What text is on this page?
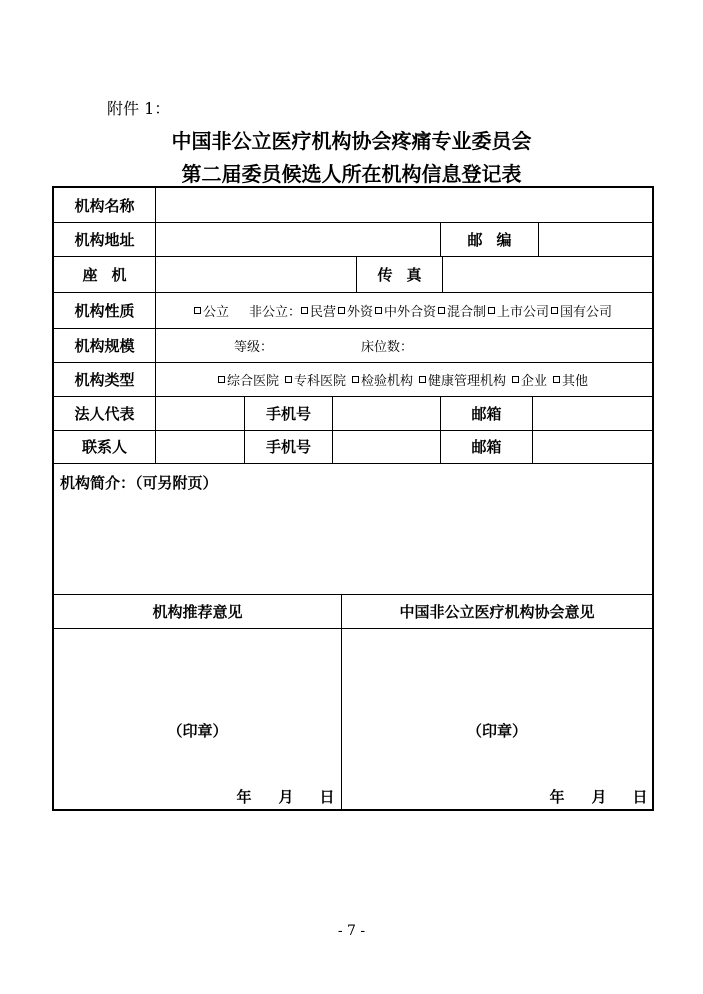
附件 1：
中国非公立医疗机构协会疼痛专业委员会
第二届委员候选人所在机构信息登记表
机构名称
机构地址	邮编
座机	传真
机构性质	公立 非公立： 民营 外资 中外合资 混合制 上市公司 国有公司
机构规模	等级：	床位数：
机构类型	综合医院 专科医院 检验机构 健康管理机构 企业 其他
法人代表	手机号	邮箱
联系人	手机号	邮箱
机构简介：（可另附页）
机构推荐意见	中国非公立医疗机构协会意见
（印章）	（印章）
年 月 日	年 月 日
- 7 -
